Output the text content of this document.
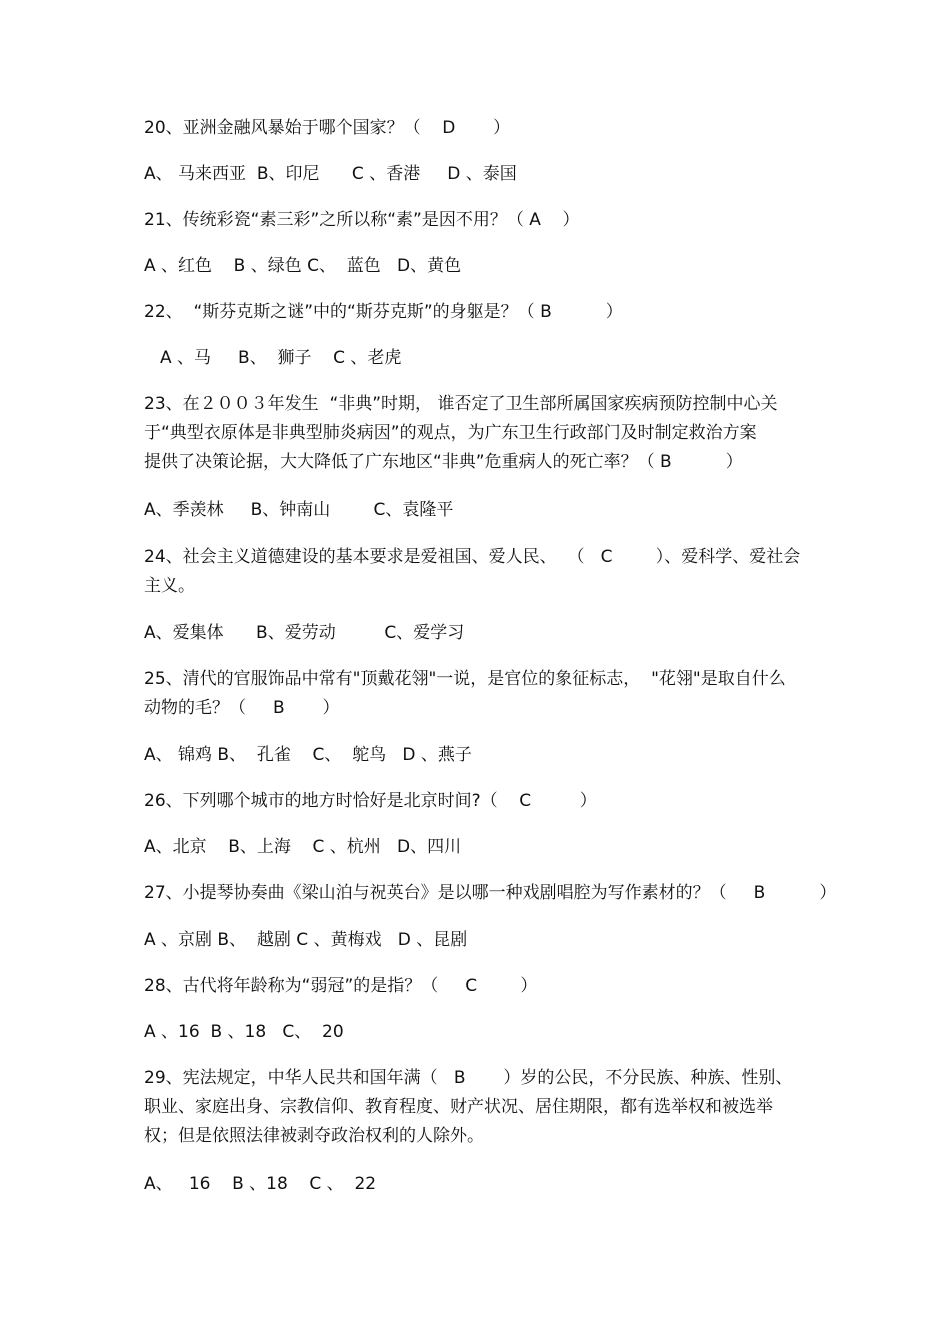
20、亚洲金融风暴始于哪个国家？（    D       ）
A、 马来西亚  B、印尼      C 、香港     D 、泰国
21、传统彩瓷“素三彩”之所以称“素”是因不用？（ A    ）
A 、红色    B 、绿色 C、  蓝色   D、黄色
22、  “斯芬克斯之谜”中的“斯芬克斯”的身躯是？（ B          ）
A 、马     B、  狮子    C 、老虎
23、在２００３年发生  “非典”时期， 谁否定了卫生部所属国家疾病预防控制中心关
于“典型衣原体是非典型肺炎病因”的观点，为广东卫生行政部门及时制定救治方案
提供了决策论据，大大降低了广东地区“非典”危重病人的死亡率？（ B          ）
A、季羡林     B、钟南山        C、袁隆平
24、社会主义道德建设的基本要求是爱祖国、爱人民、  （   C        ）、爱科学、爱社会
主义。
A、爱集体      B、爱劳动         C、爱学习
25、清代的官服饰品中常有"顶戴花翎"一说，是官位的象征标志，  "花翎"是取自什么
动物的毛？（     B       ）
A、 锦鸡 B、  孔雀    C、  鸵鸟   D 、燕子
26、下列哪个城市的地方时恰好是北京时间?（    C         ）
A、北京    B、上海    C 、杭州   D、四川
27、小提琴协奏曲《梁山泊与祝英台》是以哪一种戏剧唱腔为写作素材的？（     B          ）
A 、京剧 B、  越剧 C 、黄梅戏   D 、昆剧
28、古代将年龄称为“弱冠”的是指？（     C        ）
A 、16  B 、18   C、  20
29、宪法规定，中华人民共和国年满（   B       ）岁的公民，不分民族、种族、性别、
职业、家庭出身、宗教信仰、教育程度、财产状况、居住期限，都有选举权和被选举
权；但是依照法律被剥夺政治权利的人除外。
A、   16    B 、18    C 、  22
